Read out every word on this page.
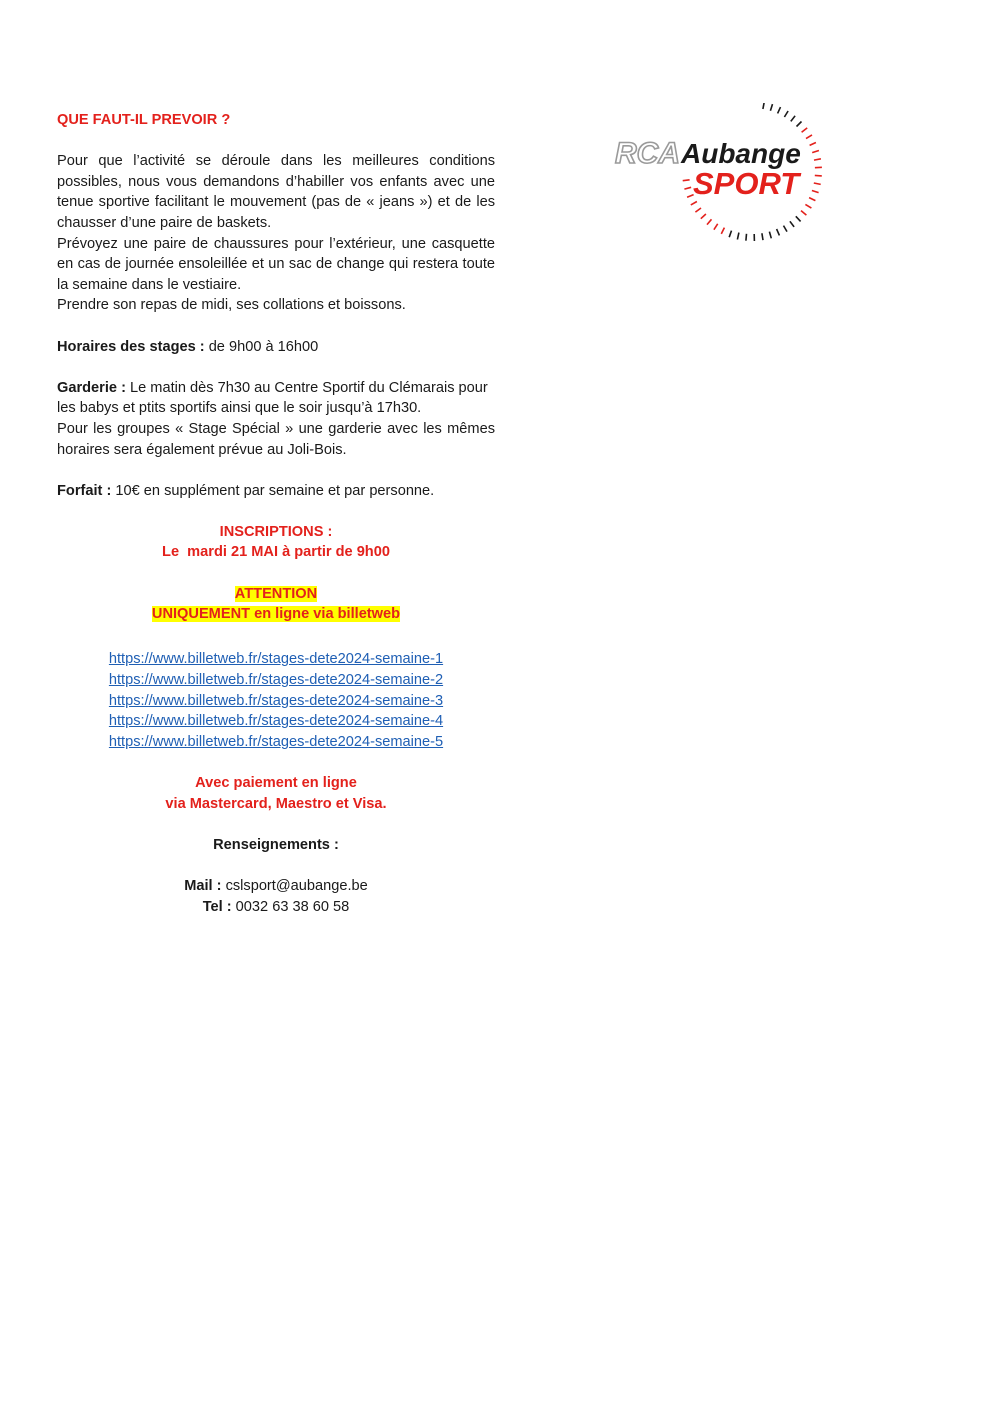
QUE FAUT-IL PREVOIR ?

Pour que l’activité se déroule dans les meilleures conditions possibles, nous vous demandons d’habiller vos enfants avec une tenue sportive facilitant le mouvement (pas de « jeans ») et de les chausser d’une paire de baskets.

Prévoyez une paire de chaussures pour l’extérieur, une casquette en cas de journée ensoleillée et un sac de change qui restera toute la semaine dans le vestiaire.

Prendre son repas de midi, ses collations et boissons.

Horaires des stages : de 9h00 à 16h00

Garderie : Le matin dès 7h30 au Centre Sportif du Clémarais pour les babys et ptits sportifs ainsi que le soir jusqu’à 17h30.

Pour les groupes « Stage Spécial » une garderie avec les mêmes horaires sera également prévue au Joli-Bois.

Forfait : 10€ en supplément par semaine et par personne.

INSCRIPTIONS :

Le  mardi 21 MAI à partir de 9h00

ATTENTION

UNIQUEMENT en ligne via billetweb

https://www.billetweb.fr/stages-dete2024-semaine-1
https://www.billetweb.fr/stages-dete2024-semaine-2
https://www.billetweb.fr/stages-dete2024-semaine-3
https://www.billetweb.fr/stages-dete2024-semaine-4
https://www.billetweb.fr/stages-dete2024-semaine-5

Avec paiement en ligne

via Mastercard, Maestro et Visa.

Renseignements :

Mail : cslsport@aubange.be

Tel : 0032 63 38 60 58

RCA Aubange
SPORT
